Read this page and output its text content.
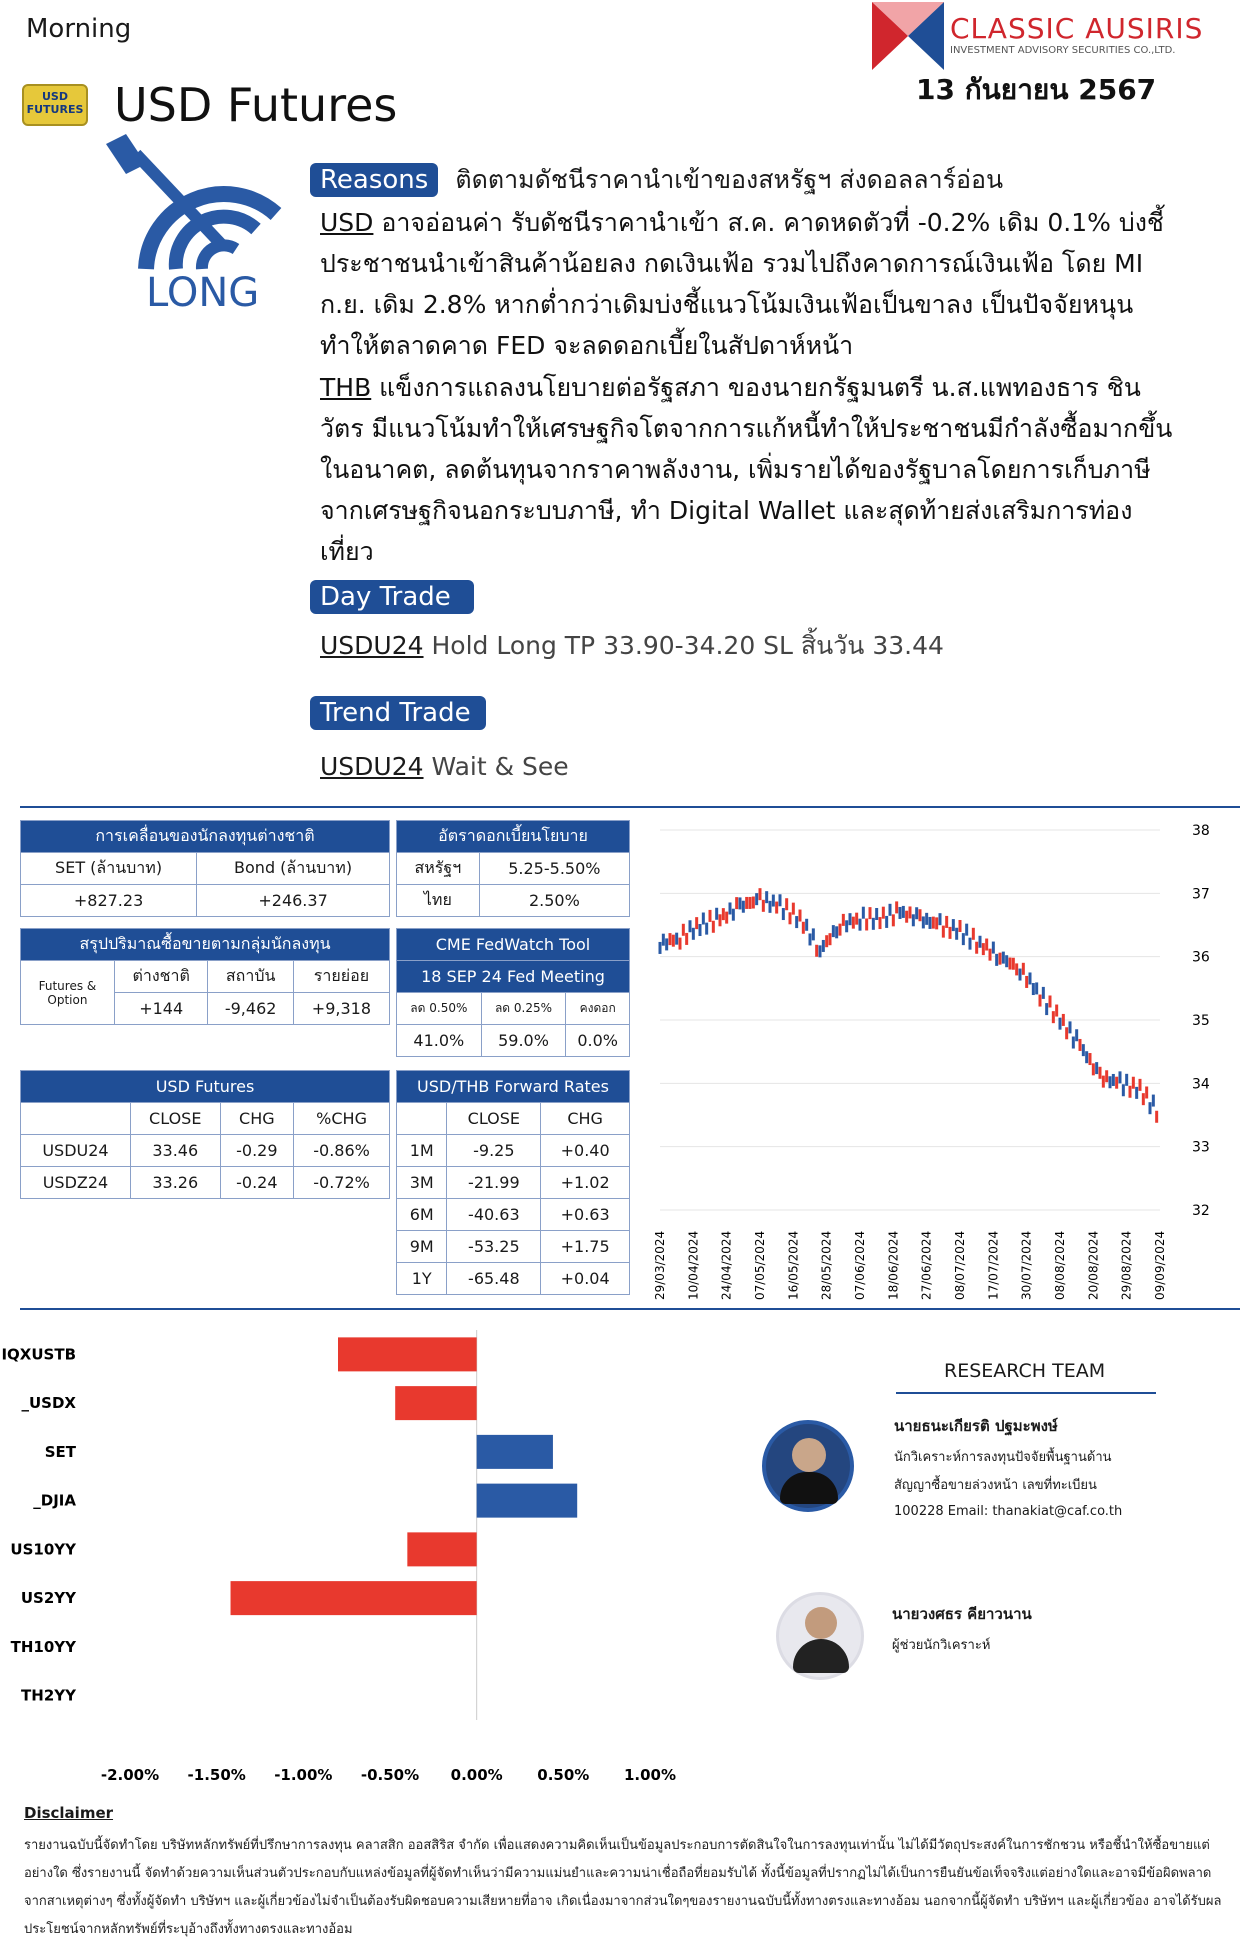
Morning
USD FUTURES USD Futures
CLASSIC AUSIRIS
INVESTMENT ADVISORY SECURITIES CO.,LTD.
13 กันยายน 2567
LONG
Reasons ติดตามดัชนีราคานำเข้าของสหรัฐฯ ส่งดอลลาร์อ่อน
USD อาจอ่อนค่า รับดัชนีราคานำเข้า ส.ค. คาดหดตัวที่ -0.2% เดิม 0.1% บ่งชี้ประชาชนนำเข้าสินค้าน้อยลง กดเงินเฟ้อ รวมไปถึงคาดการณ์เงินเฟ้อ โดย MI ก.ย. เดิม 2.8% หากต่ำกว่าเดิมบ่งชี้แนวโน้มเงินเฟ้อเป็นขาลง เป็นปัจจัยหนุนทำให้ตลาดคาด FED จะลดดอกเบี้ยในสัปดาห์หน้า
THB แข็งการแถลงนโยบายต่อรัฐสภา ของนายกรัฐมนตรี น.ส.แพทองธาร ชินวัตร มีแนวโน้มทำให้เศรษฐกิจโตจากการแก้หนี้ทำให้ประชาชนมีกำลังซื้อมากขึ้นในอนาคต, ลดต้นทุนจากราคาพลังงาน, เพิ่มรายได้ของรัฐบาลโดยการเก็บภาษีจากเศรษฐกิจนอกระบบภาษี, ทำ Digital Wallet และสุดท้ายส่งเสริมการท่องเที่ยว
Day Trade
USDU24 Hold Long TP 33.90-34.20 SL สิ้นวัน 33.44
Trend Trade
USDU24 Wait & See
การเคลื่อนของนักลงทุนต่างชาติ	
SET (ล้านบาท)	Bond (ล้านบาท)
+827.23	+246.37
อัตราดอกเบี้ยนโยบาย	
สหรัฐฯ	5.25-5.50%
ไทย	2.50%
สรุปปริมาณซื้อขายตามกลุ่มนักลงทุน			
Futures &
Option	ต่างชาติ	สถาบัน	รายย่อย
	+144	-9,462	+9,318
CME FedWatch Tool		
18 SEP 24 Fed Meeting		
ลด 0.50%	ลด 0.25%	คงดอก
41.0%	59.0%	0.0%
USD Futures			
	CLOSE	CHG	%CHG
USDU24	33.46	-0.29	-0.86%
USDZ24	33.26	-0.24	-0.72%
USD/THB Forward Rates		
	CLOSE	CHG
1M	-9.25	+0.40
3M	-21.99	+1.02
6M	-40.63	+0.63
9M	-53.25	+1.75
1Y	-65.48	+0.04
38
37
36
35
34
33
32
29/03/2024 10/04/2024 24/04/2024 07/05/2024 16/05/2024 28/05/2024 07/06/2024 18/06/2024 27/06/2024 08/07/2024 17/07/2024 30/07/2024 08/08/2024 20/08/2024 29/08/2024 09/09/2024
IQXUSTB
_USDX
SET
_DJIA
US10YY
US2YY
TH10YY
TH2YY
-2.00% -1.50% -1.00% -0.50% 0.00% 0.50% 1.00%
RESEARCH TEAM
นายธนะเกียรติ ปฐมะพงษ์
นักวิเคราะห์การลงทุนปัจจัยพื้นฐานด้าน
สัญญาซื้อขายล่วงหน้า เลขที่ทะเบียน
100228 Email: thanakiat@caf.co.th
นายวงศธร คียาวนาน
ผู้ช่วยนักวิเคราะห์
Disclaimer
รายงานฉบับนี้จัดทำโดย บริษัทหลักทรัพย์ที่ปรึกษาการลงทุน คลาสสิก ออสสิริส จำกัด เพื่อแสดงความคิดเห็นเป็นข้อมูลประกอบการตัดสินใจในการลงทุนเท่านั้น ไม่ได้มีวัตถุประสงค์ในการชักชวน หรือชี้นำให้ซื้อขายแต่อย่างใด ซึ่งรายงานนี้ จัดทำด้วยความเห็นส่วนตัวประกอบกับแหล่งข้อมูลที่ผู้จัดทำเห็นว่ามีความแม่นยำและความน่าเชื่อถือที่ยอมรับได้ ทั้งนี้ข้อมูลที่ปรากฏไม่ได้เป็นการยืนยันข้อเท็จจริงแต่อย่างใดและอาจมีข้อผิดพลาดจากสาเหตุต่างๆ ซึ่งทั้งผู้จัดทำ บริษัทฯ และผู้เกี่ยวข้องไม่จำเป็นต้องรับผิดชอบความเสียหายที่อาจ เกิดเนื่องมาจากส่วนใดๆของรายงานฉบับนี้ทั้งทางตรงและทางอ้อม นอกจากนี้ผู้จัดทำ บริษัทฯ และผู้เกี่ยวข้อง อาจได้รับผลประโยชน์จากหลักทรัพย์ที่ระบุอ้างถึงทั้งทางตรงและทางอ้อม
